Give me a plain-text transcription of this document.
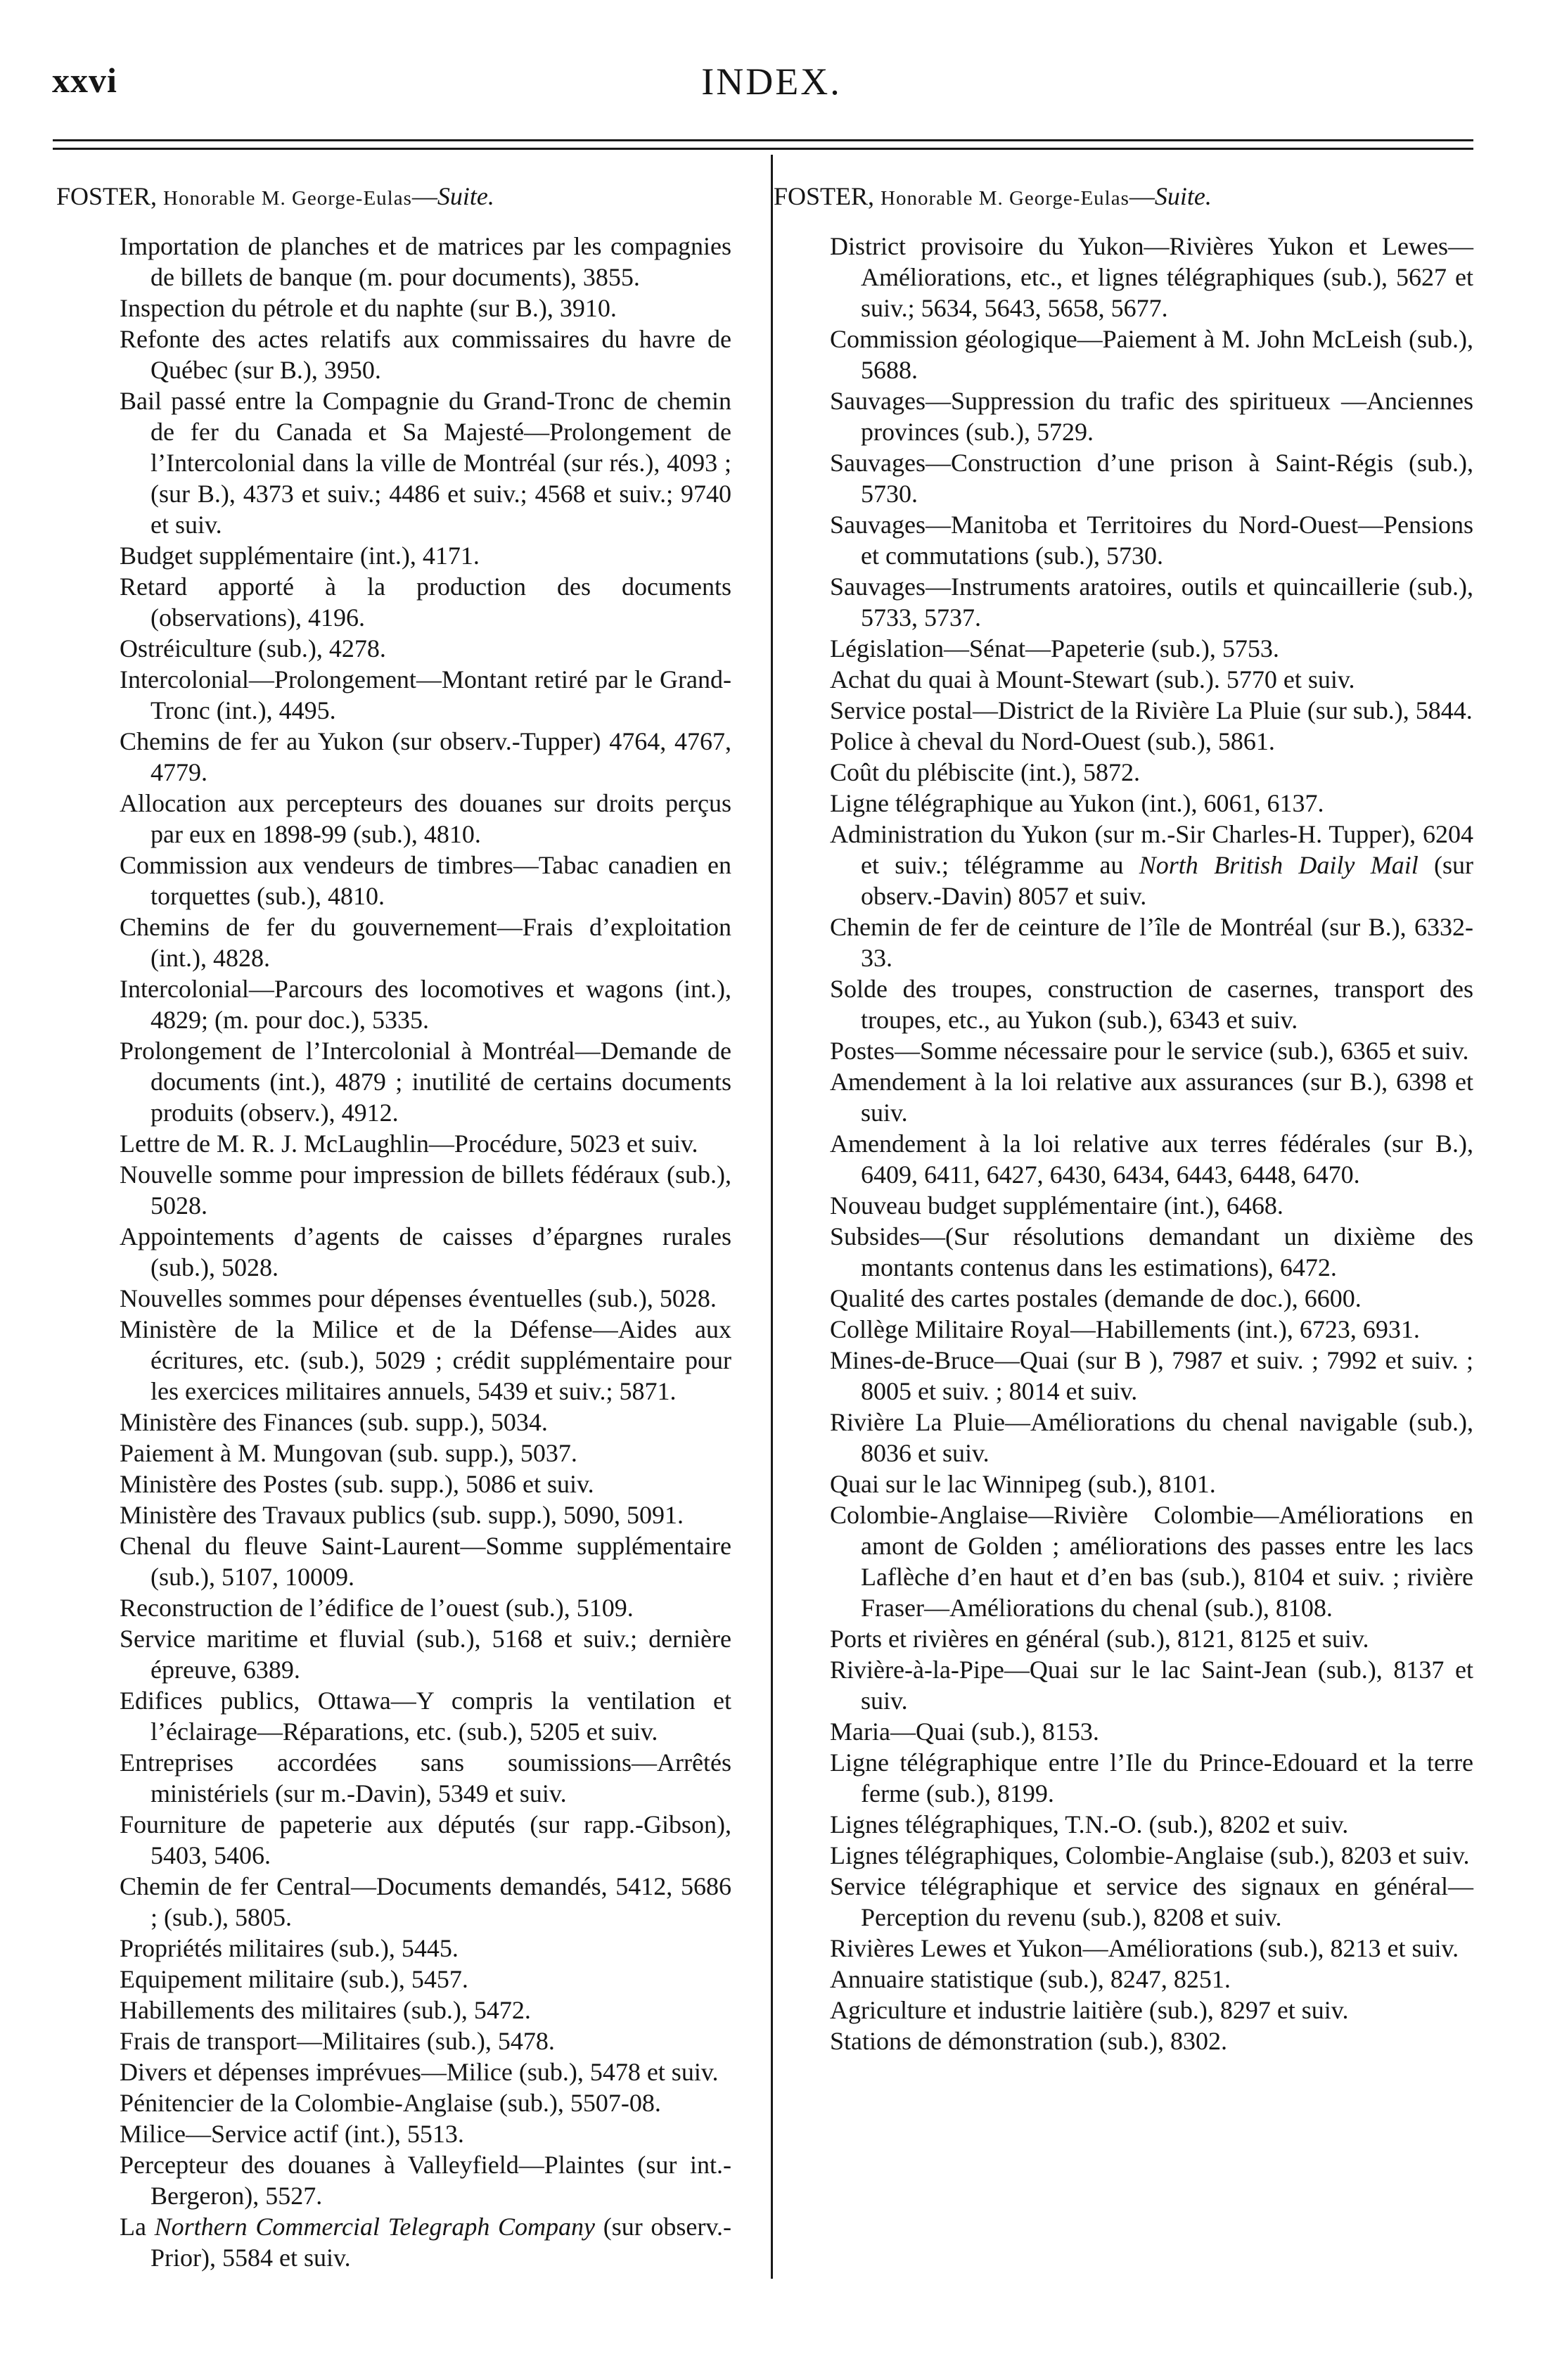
xxvi	INDEX.
FOSTER, Honorable M. George-Eulas—Suite.

Importation de planches et de matrices par les compagnies de billets de banque (m. pour documents), 3855.

Inspection du pétrole et du naphte (sur B.), 3910.

Refonte des actes relatifs aux commissaires du havre de Québec (sur B.), 3950.

Bail passé entre la Compagnie du Grand-Tronc de chemin de fer du Canada et Sa Majesté—Prolongement de l’Intercolonial dans la ville de Montréal (sur rés.), 4093 ; (sur B.), 4373 et suiv.; 4486 et suiv.; 4568 et suiv.; 9740 et suiv.

Budget supplémentaire (int.), 4171.

Retard apporté à la production des documents (observations), 4196.

Ostréiculture (sub.), 4278.

Intercolonial—Prolongement—Montant retiré par le Grand-Tronc (int.), 4495.

Chemins de fer au Yukon (sur observ.-Tupper) 4764, 4767, 4779.

Allocation aux percepteurs des douanes sur droits perçus par eux en 1898-99 (sub.), 4810.

Commission aux vendeurs de timbres—Tabac canadien en torquettes (sub.), 4810.

Chemins de fer du gouvernement—Frais d’exploitation (int.), 4828.

Intercolonial—Parcours des locomotives et wagons (int.), 4829; (m. pour doc.), 5335.

Prolongement de l’Intercolonial à Montréal—Demande de documents (int.), 4879 ; inutilité de certains documents produits (observ.), 4912.

Lettre de M. R. J. McLaughlin—Procédure, 5023 et suiv.

Nouvelle somme pour impression de billets fédéraux (sub.), 5028.

Appointements d’agents de caisses d’épargnes rurales (sub.), 5028.

Nouvelles sommes pour dépenses éventuelles (sub.), 5028.

Ministère de la Milice et de la Défense—Aides aux écritures, etc. (sub.), 5029 ; crédit supplémentaire pour les exercices militaires annuels, 5439 et suiv.; 5871.

Ministère des Finances (sub. supp.), 5034.

Paiement à M. Mungovan (sub. supp.), 5037.

Ministère des Postes (sub. supp.), 5086 et suiv.

Ministère des Travaux publics (sub. supp.), 5090, 5091.

Chenal du fleuve Saint-Laurent—Somme supplémentaire (sub.), 5107, 10009.

Reconstruction de l’édifice de l’ouest (sub.), 5109.

Service maritime et fluvial (sub.), 5168 et suiv.; dernière épreuve, 6389.

Edifices publics, Ottawa—Y compris la ventilation et l’éclairage—Réparations, etc. (sub.), 5205 et suiv.

Entreprises accordées sans soumissions—Arrêtés ministériels (sur m.-Davin), 5349 et suiv.

Fourniture de papeterie aux députés (sur rapp.-Gibson), 5403, 5406.

Chemin de fer Central—Documents demandés, 5412, 5686 ; (sub.), 5805.

Propriétés militaires (sub.), 5445.

Equipement militaire (sub.), 5457.

Habillements des militaires (sub.), 5472.

Frais de transport—Militaires (sub.), 5478.

Divers et dépenses imprévues—Milice (sub.), 5478 et suiv.

Pénitencier de la Colombie-Anglaise (sub.), 5507-08.

Milice—Service actif (int.), 5513.

Percepteur des douanes à Valleyfield—Plaintes (sur int.-Bergeron), 5527.

La Northern Commercial Telegraph Company (sur observ.-Prior), 5584 et suiv.

FOSTER, Honorable M. George-Eulas—Suite.

District provisoire du Yukon—Rivières Yukon et Lewes—Améliorations, etc., et lignes télégraphiques (sub.), 5627 et suiv.; 5634, 5643, 5658, 5677.

Commission géologique—Paiement à M. John McLeish (sub.), 5688.

Sauvages—Suppression du trafic des spiritueux —Anciennes provinces (sub.), 5729.

Sauvages—Construction d’une prison à Saint-Régis (sub.), 5730.

Sauvages—Manitoba et Territoires du Nord-Ouest—Pensions et commutations (sub.), 5730.

Sauvages—Instruments aratoires, outils et quincaillerie (sub.), 5733, 5737.

Législation—Sénat—Papeterie (sub.), 5753.

Achat du quai à Mount-Stewart (sub.). 5770 et suiv.

Service postal—District de la Rivière La Pluie (sur sub.), 5844.

Police à cheval du Nord-Ouest (sub.), 5861.

Coût du plébiscite (int.), 5872.

Ligne télégraphique au Yukon (int.), 6061, 6137.

Administration du Yukon (sur m.-Sir Charles-H. Tupper), 6204 et suiv.; télégramme au North British Daily Mail (sur observ.-Davin) 8057 et suiv.

Chemin de fer de ceinture de l’île de Montréal (sur B.), 6332-33.

Solde des troupes, construction de casernes, transport des troupes, etc., au Yukon (sub.), 6343 et suiv.

Postes—Somme nécessaire pour le service (sub.), 6365 et suiv.

Amendement à la loi relative aux assurances (sur B.), 6398 et suiv.

Amendement à la loi relative aux terres fédérales (sur B.), 6409, 6411, 6427, 6430, 6434, 6443, 6448, 6470.

Nouveau budget supplémentaire (int.), 6468.

Subsides—(Sur résolutions demandant un dixième des montants contenus dans les estimations), 6472.

Qualité des cartes postales (demande de doc.), 6600.

Collège Militaire Royal—Habillements (int.), 6723, 6931.

Mines-de-Bruce—Quai (sur B ), 7987 et suiv. ; 7992 et suiv. ; 8005 et suiv. ; 8014 et suiv.

Rivière La Pluie—Améliorations du chenal navigable (sub.), 8036 et suiv.

Quai sur le lac Winnipeg (sub.), 8101.

Colombie-Anglaise—Rivière Colombie—Améliorations en amont de Golden ; améliorations des passes entre les lacs Laflèche d’en haut et d’en bas (sub.), 8104 et suiv. ; rivière Fraser—Améliorations du chenal (sub.), 8108.

Ports et rivières en général (sub.), 8121, 8125 et suiv.

Rivière-à-la-Pipe—Quai sur le lac Saint-Jean (sub.), 8137 et suiv.

Maria—Quai (sub.), 8153.

Ligne télégraphique entre l’Ile du Prince-Edouard et la terre ferme (sub.), 8199.

Lignes télégraphiques, T.N.-O. (sub.), 8202 et suiv.

Lignes télégraphiques, Colombie-Anglaise (sub.), 8203 et suiv.

Service télégraphique et service des signaux en général—Perception du revenu (sub.), 8208 et suiv.

Rivières Lewes et Yukon—Améliorations (sub.), 8213 et suiv.

Annuaire statistique (sub.), 8247, 8251.

Agriculture et industrie laitière (sub.), 8297 et suiv.

Stations de démonstration (sub.), 8302.
